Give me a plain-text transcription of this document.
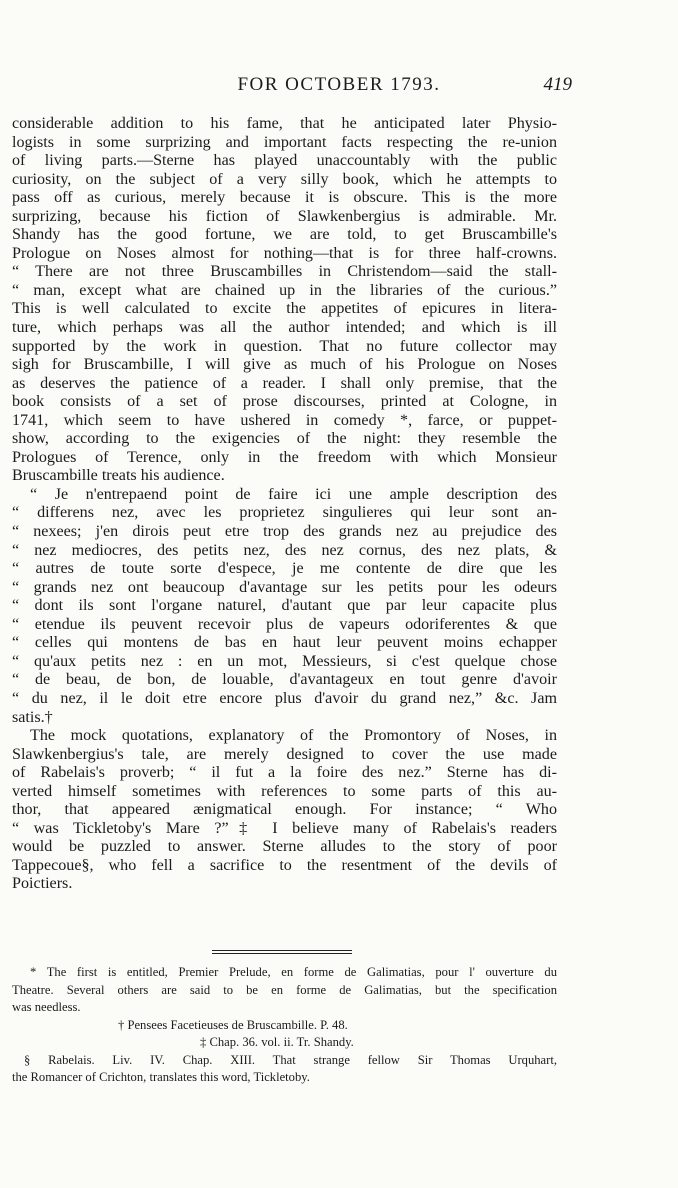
FOR OCTOBER 1793.	419
considerable addition to his fame, that he anticipated later Physio-
logists in some surprizing and important facts respecting the re-union
of living parts.—Sterne has played unaccountably with the public
curiosity, on the subject of a very silly book, which he attempts to
pass off as curious, merely because it is obscure. This is the more
surprizing, because his fiction of Slawkenbergius is admirable. Mr.
Shandy has the good fortune, we are told, to get Bruscambille's
Prologue on Noses almost for nothing—that is for three half-crowns.
“ There are not three Bruscambilles in Christendom—said the stall-
“ man, except what are chained up in the libraries of the curious.”
This is well calculated to excite the appetites of epicures in litera-
ture, which perhaps was all the author intended; and which is ill
supported by the work in question. That no future collector may
sigh for Bruscambille, I will give as much of his Prologue on Noses
as deserves the patience of a reader. I shall only premise, that the
book consists of a set of prose discourses, printed at Cologne, in
1741, which seem to have ushered in comedy *, farce, or puppet-
show, according to the exigencies of the night: they resemble the
Prologues of Terence, only in the freedom with which Monsieur
Bruscambille treats his audience.
“ Je n'entrepaend point de faire ici une ample description des
“ differens nez, avec les proprietez singulieres qui leur sont an-
“ nexees; j'en dirois peut etre trop des grands nez au prejudice des
“ nez mediocres, des petits nez, des nez cornus, des nez plats, &
“ autres de toute sorte d'espece, je me contente de dire que les
“ grands nez ont beaucoup d'avantage sur les petits pour les odeurs
“ dont ils sont l'organe naturel, d'autant que par leur capacite plus
“ etendue ils peuvent recevoir plus de vapeurs odoriferentes & que
“ celles qui montens de bas en haut leur peuvent moins echapper
“ qu'aux petits nez : en un mot, Messieurs, si c'est quelque chose
“ de beau, de bon, de louable, d'avantageux en tout genre d'avoir
“ du nez, il le doit etre encore plus d'avoir du grand nez,” &c. Jam
satis.†
The mock quotations, explanatory of the Promontory of Noses, in
Slawkenbergius's tale, are merely designed to cover the use made
of Rabelais's proverb; “ il fut a la foire des nez.” Sterne has di-
verted himself sometimes with references to some parts of this au-
thor, that appeared ænigmatical enough. For instance; “ Who
“ was Tickletoby's Mare ?”‡ I believe many of Rabelais's readers
would be puzzled to answer. Sterne alludes to the story of poor
Tappecoue§, who fell a sacrifice to the resentment of the devils of
Poictiers.
* The first is entitled, Premier Prelude, en forme de Galimatias, pour l' ouverture du
Theatre. Several others are said to be en forme de Galimatias, but the specification
was needless.
† Pensees Facetieuses de Bruscambille. P. 48.
‡ Chap. 36. vol. ii. Tr. Shandy.
§ Rabelais. Liv. IV. Chap. XIII. That strange fellow Sir Thomas Urquhart,
the Romancer of Crichton, translates this word, Tickletoby.
